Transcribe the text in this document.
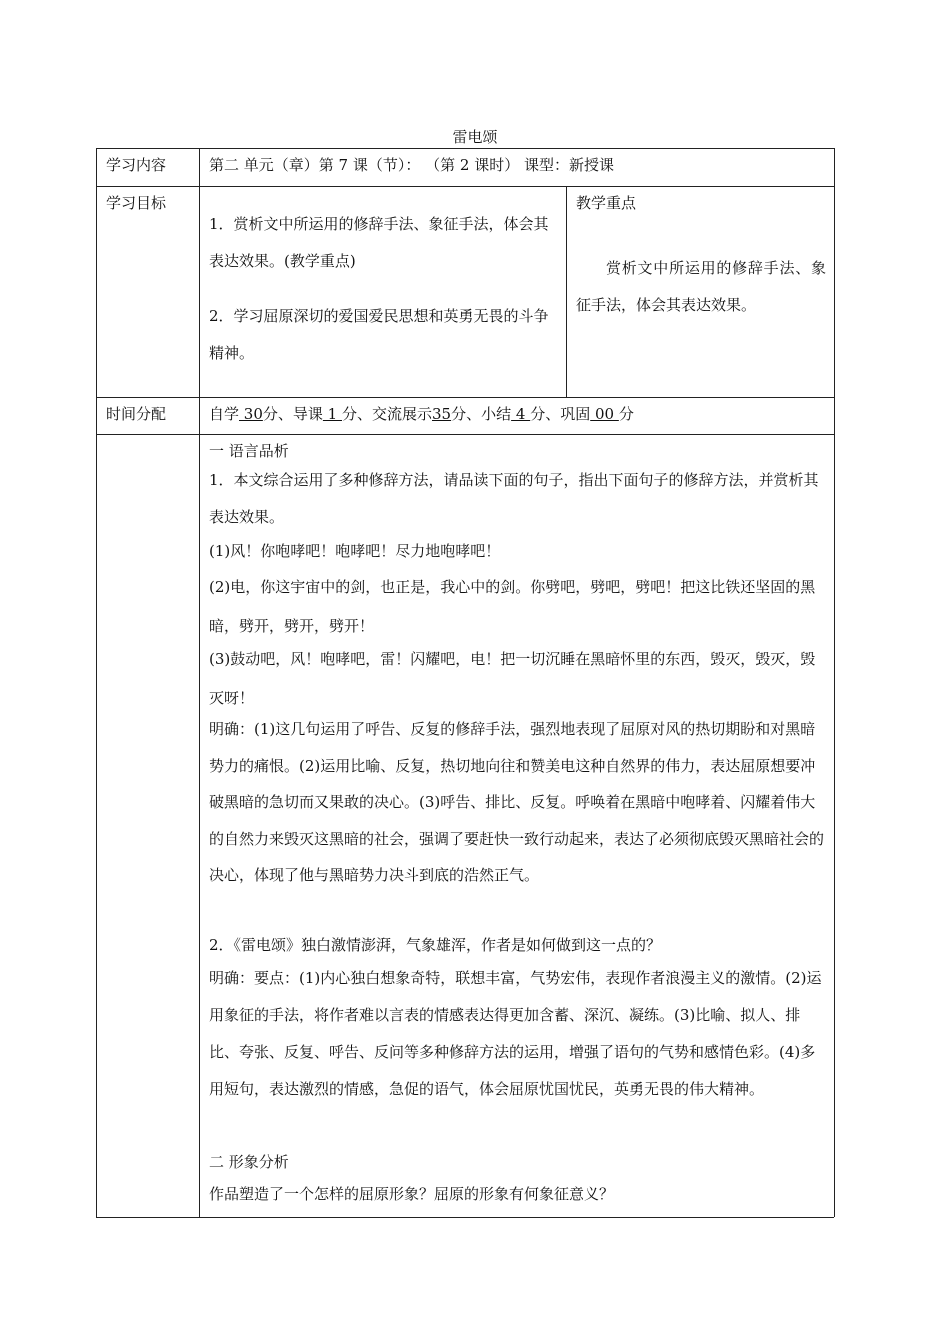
雷电颂
学习内容	第二 单元（章）第 7 课（节）： （第 2 课时） 课型：新授课
学习目标
1．赏析文中所运用的修辞手法、象征手法，体会其表达效果。(教学重点)
2．学习屈原深切的爱国爱民思想和英勇无畏的斗争精神。
教学重点
赏析文中所运用的修辞手法、象征手法，体会其表达效果。
时间分配	自学 30分、导课 1 分、交流展示35分、小结 4 分、巩固 00 分
一 语言品析
1．本文综合运用了多种修辞方法，请品读下面的句子，指出下面句子的修辞方法，并赏析其表达效果。
(1)风！你咆哮吧！咆哮吧！尽力地咆哮吧！
(2)电，你这宇宙中的剑，也正是，我心中的剑。你劈吧，劈吧，劈吧！把这比铁还坚固的黑暗，劈开，劈开，劈开！
(3)鼓动吧，风！咆哮吧，雷！闪耀吧，电！把一切沉睡在黑暗怀里的东西，毁灭，毁灭，毁灭呀！
明确：(1)这几句运用了呼告、反复的修辞手法，强烈地表现了屈原对风的热切期盼和对黑暗势力的痛恨。(2)运用比喻、反复，热切地向往和赞美电这种自然界的伟力，表达屈原想要冲破黑暗的急切而又果敢的决心。(3)呼告、排比、反复。呼唤着在黑暗中咆哮着、闪耀着伟大的自然力来毁灭这黑暗的社会，强调了要赶快一致行动起来，表达了必须彻底毁灭黑暗社会的决心，体现了他与黑暗势力决斗到底的浩然正气。
2．《雷电颂》独白激情澎湃，气象雄浑，作者是如何做到这一点的？
明确：要点：(1)内心独白想象奇特，联想丰富，气势宏伟，表现作者浪漫主义的激情。(2)运用象征的手法，将作者难以言表的情感表达得更加含蓄、深沉、凝练。(3)比喻、拟人、排比、夸张、反复、呼告、反问等多种修辞方法的运用，增强了语句的气势和感情色彩。(4)多用短句，表达激烈的情感，急促的语气，体会屈原忧国忧民，英勇无畏的伟大精神。
二 形象分析
作品塑造了一个怎样的屈原形象？屈原的形象有何象征意义？
